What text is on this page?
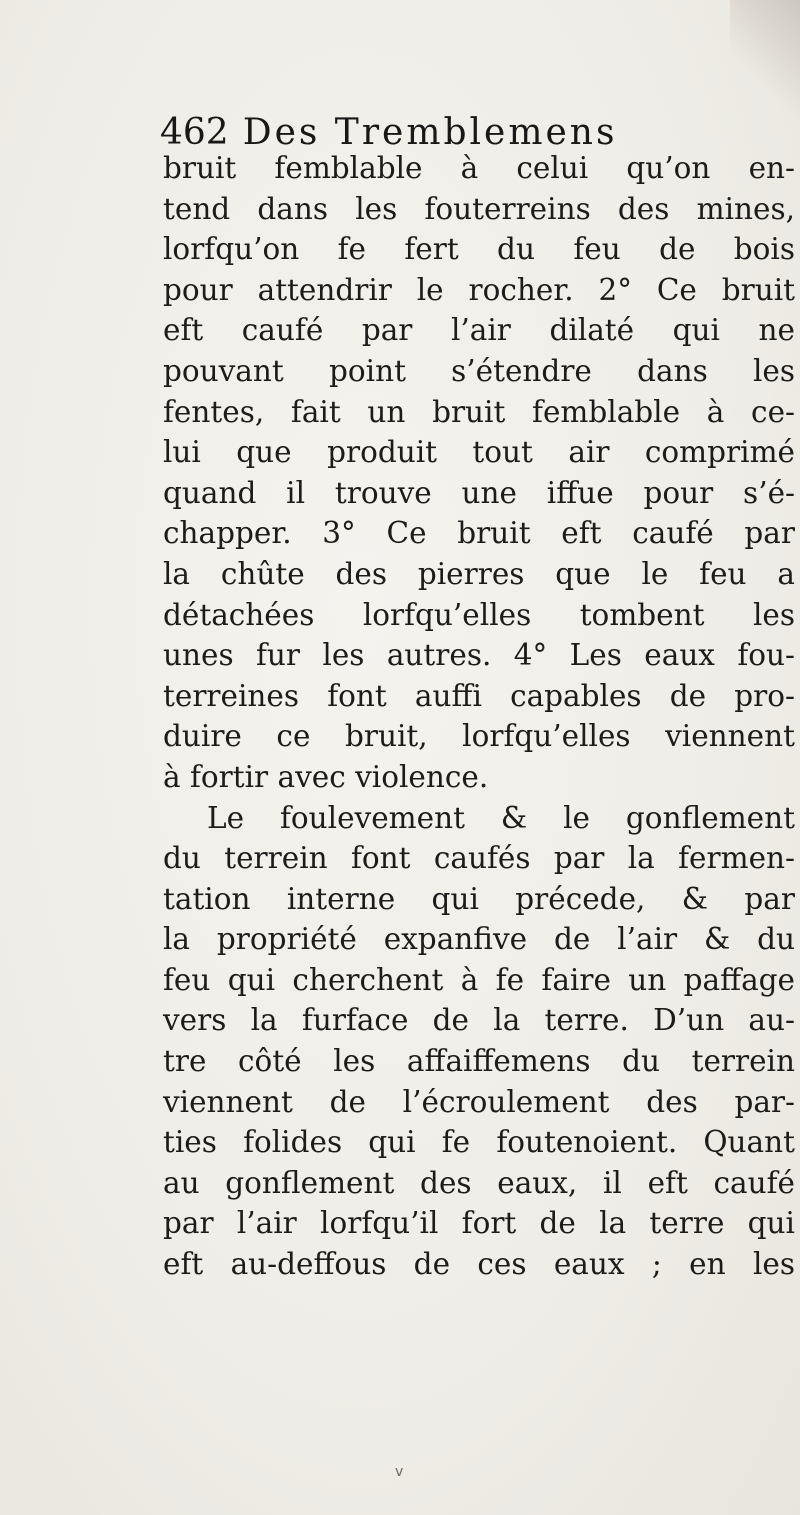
462 Des Tremblemens
bruit femblable à celui qu’on en-
tend dans les fouterreins des mines,
lorfqu’on fe fert du feu de bois
pour attendrir le rocher. 2° Ce bruit
eft caufé par l’air dilaté qui ne
pouvant point s’étendre dans les
fentes, fait un bruit femblable à ce-
lui que produit tout air comprimé
quand il trouve une iffue pour s’é-
chapper. 3° Ce bruit eft caufé par
la chûte des pierres que le feu a
détachées lorfqu’elles tombent les
unes fur les autres. 4° Les eaux fou-
terreines font auffi capables de pro-
duire ce bruit, lorfqu’elles viennent
à fortir avec violence.
Le foulevement & le gonflement
du terrein font caufés par la fermen-
tation interne qui précede, & par
la propriété expanfive de l’air & du
feu qui cherchent à fe faire un paffage
vers la furface de la terre. D’un au-
tre côté les affaiffemens du terrein
viennent de l’écroulement des par-
ties folides qui fe foutenoient. Quant
au gonflement des eaux, il eft caufé
par l’air lorfqu’il fort de la terre qui
eft au-deffous de ces eaux ; en les
v
